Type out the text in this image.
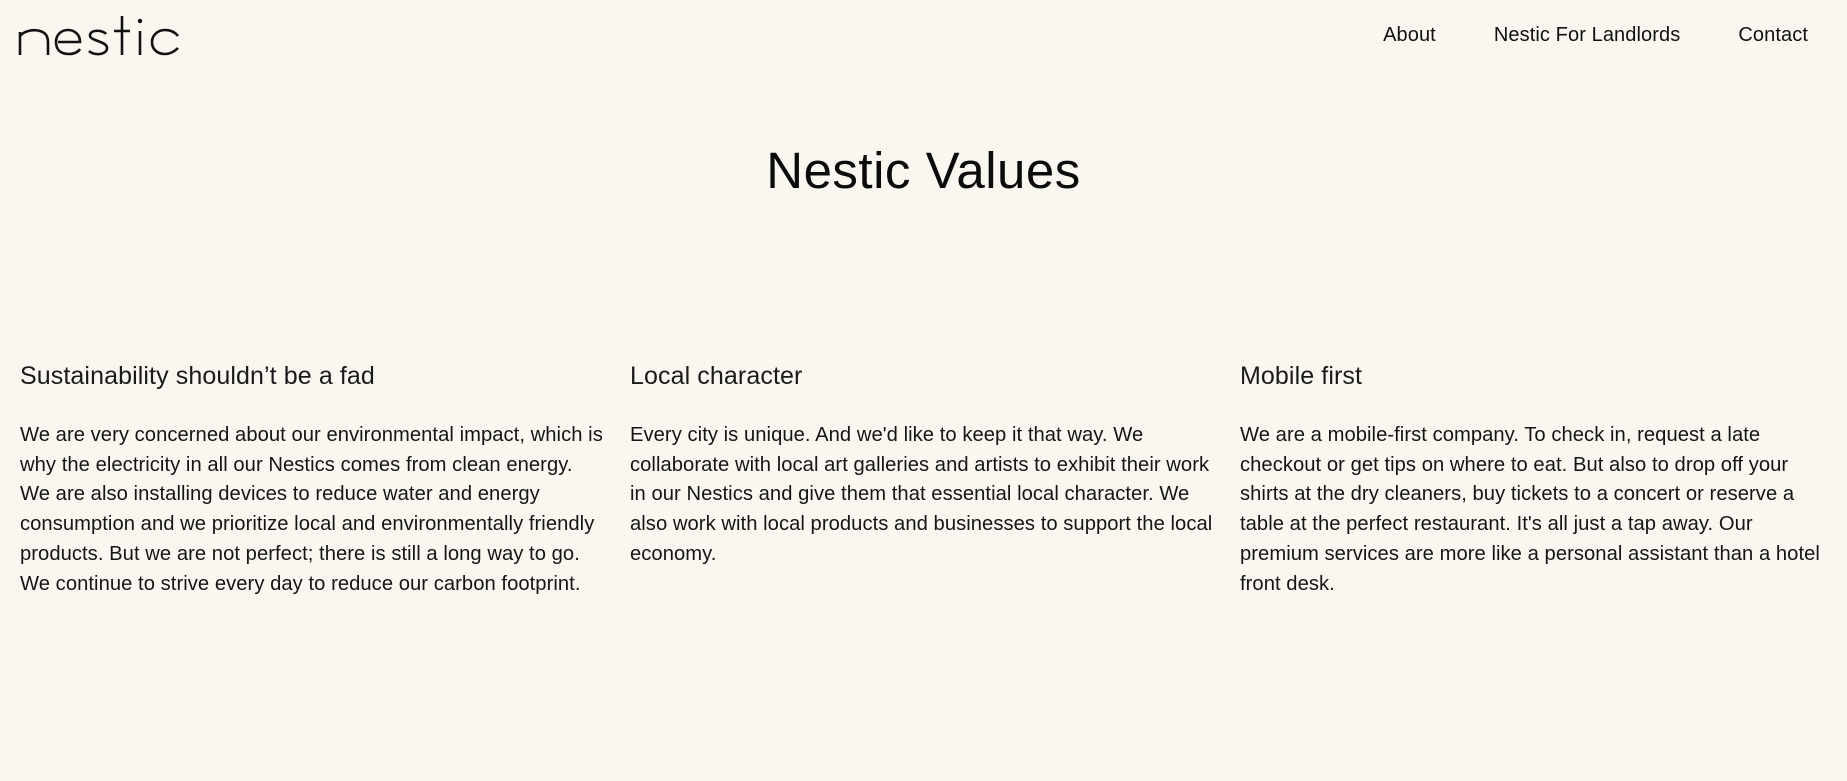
About	Nestic For Landlords	Contact
Nestic Values
Sustainability shouldn’t be a fad

We are very concerned about our environmental impact, which is why the electricity in all our Nestics comes from clean energy. We are also installing devices to reduce water and energy consumption and we prioritize local and environmentally friendly products. But we are not perfect; there is still a long way to go. We continue to strive every day to reduce our carbon footprint.

Local character

Every city is unique. And we'd like to keep it that way. We collaborate with local art galleries and artists to exhibit their work in our Nestics and give them that essential local character. We also work with local products and businesses to support the local economy.

Mobile first

We are a mobile-first company. To check in, request a late checkout or get tips on where to eat. But also to drop off your shirts at the dry cleaners, buy tickets to a concert or reserve a table at the perfect restaurant. It's all just a tap away. Our premium services are more like a personal assistant than a hotel front desk.
